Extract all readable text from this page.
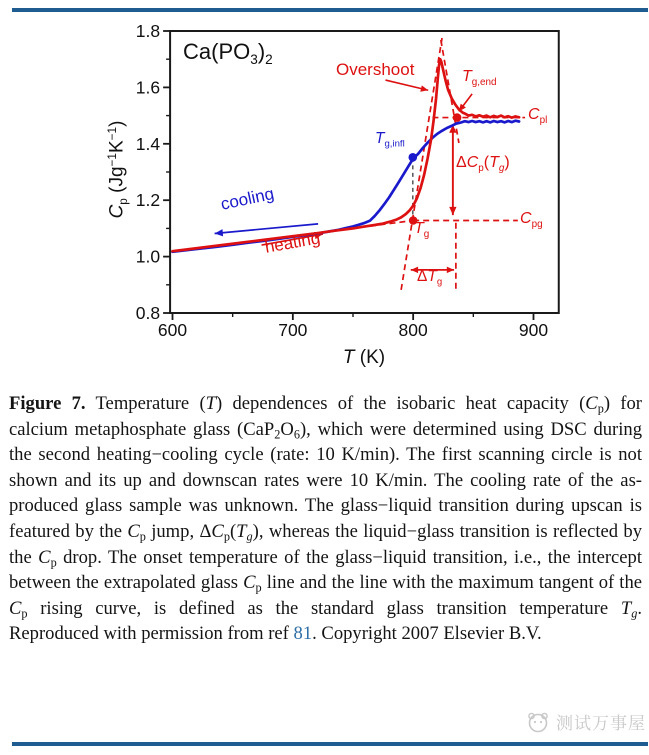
600	700	800	900
0.8
1.0
1.2
1.4
1.6
1.8
$Ca(PO_3)_2$
Overshoot	$T_{g,end}$
$C_{pl}$
$C_{pg}$
$\Delta C_p(T_g)$
$T_{g,infl}$
$T_g$
$\Delta T_g$
cooling
heating
T (K)
$C_p$ $(Jg^{-1}K^{-1})$
Figure 7. Temperature (T) dependences of the isobaric heat capacity $(C_p)$ for calcium metaphosphate glass $(CaP_2O_6)$, which were determined using DSC during the second heating−cooling cycle (rate: 10 K/min). The first scanning circle is not shown and its up and downscan rates were 10 K/min. The cooling rate of the as-produced glass sample was unknown. The glass−liquid transition during upscan is featured by the $C_p$ jump, $\Delta C_p(T_g)$, whereas the liquid−glass transition is reflected by the $C_p$ drop. The onset temperature of the glass−liquid transition, i.e., the intercept between the extrapolated glass $C_p$ line and the line with the maximum tangent of the $C_p$ rising curve, is defined as the standard glass transition temperature $T_g$. Reproduced with permission from ref 81. Copyright 2007 Elsevier B.V.
测试万事屋
